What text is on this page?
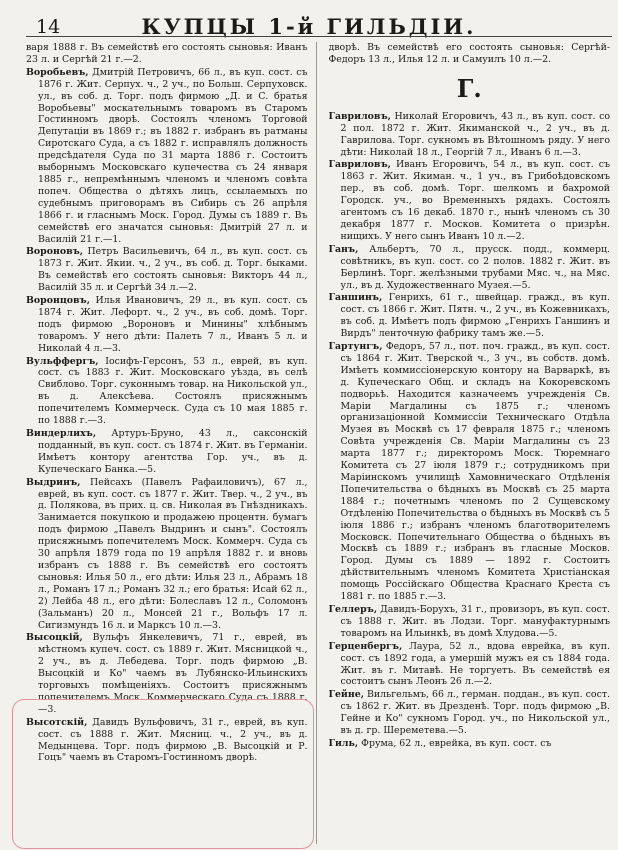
14	КУПЦЫ 1-й ГИЛЬДІИ.

варя 1888 г. Въ семействѣ его состоять сыновья: Иванъ 23 л. и Сергѣй 21 г.—2.

Воробьевъ, Дмитрій Петровичъ, 66 л., въ куп. сост. съ 1876 г. Жит. Серпух. ч., 2 уч., по Больш. Серпуховск. ул., въ соб. д. Торг. подъ фирмою „Д. и С. братья Воробьевы" москательнымъ товаромъ въ Старомъ Гостинномъ дворѣ. Состоялъ членомъ Торговой Депутаціи въ 1869 г.; въ 1882 г. избранъ въ ратманы Сиротскаго Суда, а съ 1882 г. исправлялъ должность предсѣдателя Суда по 31 марта 1886 г. Состоитъ выборнымъ Московскаго купечества съ 24 января 1885 г., непремѣннымъ членомъ и членомъ совѣта попеч. Общества о дѣтяхъ лицъ, ссылаемыхъ по судебнымъ приговорамъ въ Сибирь съ 26 апрѣля 1866 г. и гласнымъ Моск. Город. Думы съ 1889 г. Въ семействѣ его значатся сыновья: Дмитрій 27 л. и Василій 21 г.—1.

Вороновъ, Петръ Васильевичъ, 64 л., въ куп. сост. съ 1873 г. Жит. Якии. ч., 2 уч., въ соб. д. Торг. быками. Въ семействѣ его состоять сыновья: Викторъ 44 л., Василій 35 л. и Сергѣй 34 л.—2.

Воронцовъ, Илья Ивановичъ, 29 л., въ куп. сост. съ 1874 г. Жит. Лефорт. ч., 2 уч., въ соб. домѣ. Торг. подъ фирмою „Вороновъ и Минины" хлѣбнымъ товаромъ. У него дѣти: Палеть 7 л., Иванъ 5 л. и Николай 4 л.—3.

Вульффергъ, Іосифъ-Герсонъ, 53 л., еврей, въ куп. сост. съ 1883 г. Жит. Московскаго уѣзда, въ селѣ Свиблово. Торг. суконнымъ товар. на Никольской ул., въ д. Алексѣева. Состоялъ присяжнымъ попечителемъ Коммерческ. Суда съ 10 мая 1885 г. по 1888 г.—3.

Виндерлихъ, Артуръ-Бруно, 43 л., саксонскій подданный, въ куп. сост. съ 1874 г. Жит. въ Германіи. Имѣетъ контору агентства Гор. уч., въ д. Купеческаго Банка.—5.

Выдринъ, Пейсахъ (Павелъ Рафаиловичъ), 67 л., еврей, въ куп. сост. съ 1877 г. Жит. Твер. ч., 2 уч., въ д. Полякова, въ прих. ц. св. Николая въ Гнѣздникахъ. Занимается покупкою и продажею процентн. бумагъ подъ фирмою „Павелъ Выдринъ и сынъ". Состоялъ присяжнымъ попечителемъ Моск. Коммерч. Суда съ 30 апрѣля 1879 года по 19 апрѣля 1882 г. и вновь избранъ съ 1888 г. Въ семействѣ его состоятъ сыновья: Илья 50 л., его дѣти: Илья 23 л., Абрамъ 18 л., Романъ 17 л.; Романъ 32 л.; его братья: Исай 62 л., 2) Лейба 48 л., его дѣти: Болеславъ 12 л., Соломонъ (Зальманъ) 20 л., Монсей 21 г., Вольфъ 17 л. Сигизмундъ 16 л. и Марксъ 10 л.—3.

Высоцкій, Вульфъ Янкелевичъ, 71 г., еврей, въ мѣстномъ купеч. сост. съ 1889 г. Жит. Мясницкой ч., 2 уч., въ д. Лебедева. Торг. подъ фирмою „В. Высоцкій и Ко" чаемъ въ Лубянско-Ильинскихъ торговыхъ помѣщеніяхъ. Состоитъ присяжнымъ попечителемъ Моск. Коммерческаго Суда съ 1888 г.—3.

Высотскій, Давидъ Вульфовичъ, 31 г., еврей, въ куп. сост. съ 1888 г. Жит. Мясниц. ч., 2 уч., въ д. Медынцева. Торг. подъ фирмою „В. Высоцкій и Р. Гоцъ" чаемъ въ Старомъ-Гостинномъ дворѣ.

дворѣ. Въ семействѣ его состоять сыновья: Сергѣй-Федоръ 13 л., Илья 12 л. и Самуилъ 10 л.—2.

Г.

Гавриловъ, Николай Егоровичъ, 43 л., въ куп. сост. со 2 пол. 1872 г. Жит. Якиманской ч., 2 уч., въ д. Гаврилова. Торг. сукномъ въ Вѣтошномъ ряду. У него дѣти: Николай 18 л., Георгій 7 л., Иванъ 6 л.—3.

Гавриловъ, Иванъ Егоровичъ, 54 л., въ куп. сост. съ 1863 г. Жит. Якиман. ч., 1 уч., въ Грибоѣдовскомъ пер., въ соб. домѣ. Торг. шелкомъ и бахромой Городск. уч., во Временныхъ рядахъ. Состоялъ агентомъ съ 16 декаб. 1870 г., нынѣ членомъ съ 30 декабря 1877 г. Москов. Комитета о призрѣн. нищихъ. У него сынъ Иванъ 10 л.—2.

Ганъ, Альбертъ, 70 л., прусск. подд., коммерц. совѣтникъ, въ куп. сост. со 2 полов. 1882 г. Жит. въ Берлинѣ. Торг. желѣзными трубами Мяс. ч., на Мяс. ул., въ д. Художественнаго Музея.—5.

Ганшинъ, Генрихъ, 61 г., швейцар. гражд., въ куп. сост. съ 1866 г. Жит. Пятн. ч., 2 уч., въ Кожевникахъ, въ соб. д. Имѣетъ подъ фирмою „Генрихъ Ганшинъ и Вирдъ" ленточную фабрику тамъ же.—5.

Гартунгъ, Федоръ, 57 л., пот. поч. гражд., въ куп. сост. съ 1864 г. Жит. Тверской ч., 3 уч., въ собств. домѣ. Имѣетъ коммиссіонерскую контору на Варваркѣ, въ д. Купеческаго Общ. и складъ на Кокоревскомъ подворьѣ. Находится казначеемъ учрежденія Св. Маріи Магдалины съ 1875 г.; членомъ организаціонной Коммиссіи Техническаго Отдѣла Музея въ Москвѣ съ 17 февраля 1875 г.; членомъ Совѣта учрежденія Св. Маріи Магдалины съ 23 марта 1877 г.; директоромъ Моск. Тюремнаго Комитета съ 27 іюля 1879 г.; сотрудникомъ при Маріинскомъ училищѣ Хамовническаго Отдѣленія Попечительства о бѣдныхъ въ Москвѣ съ 25 марта 1884 г.; почетнымъ членомъ по 2 Сущевскому Отдѣленію Попечительства о бѣдныхъ въ Москвѣ съ 5 іюля 1886 г.; избранъ членомъ благотворителемъ Московск. Попечительнаго Общества о бѣдныхъ въ Москвѣ съ 1889 г.; избранъ въ гласные Москов. Город. Думы съ 1889 — 1892 г. Состоитъ дѣйствительнымъ членомъ Комитета Христіанская помощь Россійскаго Общества Краснаго Креста съ 1881 г. по 1885 г.—3.

Геллеръ, Давидъ-Борухъ, 31 г., провизоръ, въ куп. сост. съ 1888 г. Жит. въ Лодзи. Торг. мануфактурнымъ товаромъ на Ильинкѣ, въ домѣ Хлудова.—5.

Герценбергъ, Лаура, 52 л., вдова еврейка, въ куп. сост. съ 1892 года, а умершій мужъ ея съ 1884 года. Жит. въ г. Митавѣ. Не торгуетъ. Въ семействѣ ея состоитъ сынъ Леонъ 26 л.—2.

Гейне, Вильгельмъ, 66 л., герман. поддан., въ куп. сост. съ 1862 г. Жит. въ Дрезденѣ. Торг. подъ фирмою „В. Гейне и Ко" сукномъ Город. уч., по Никольской ул., въ д. гр. Шереметева.—5.

Гиль, Фрума, 62 л., еврейка, въ куп. сост. съ
